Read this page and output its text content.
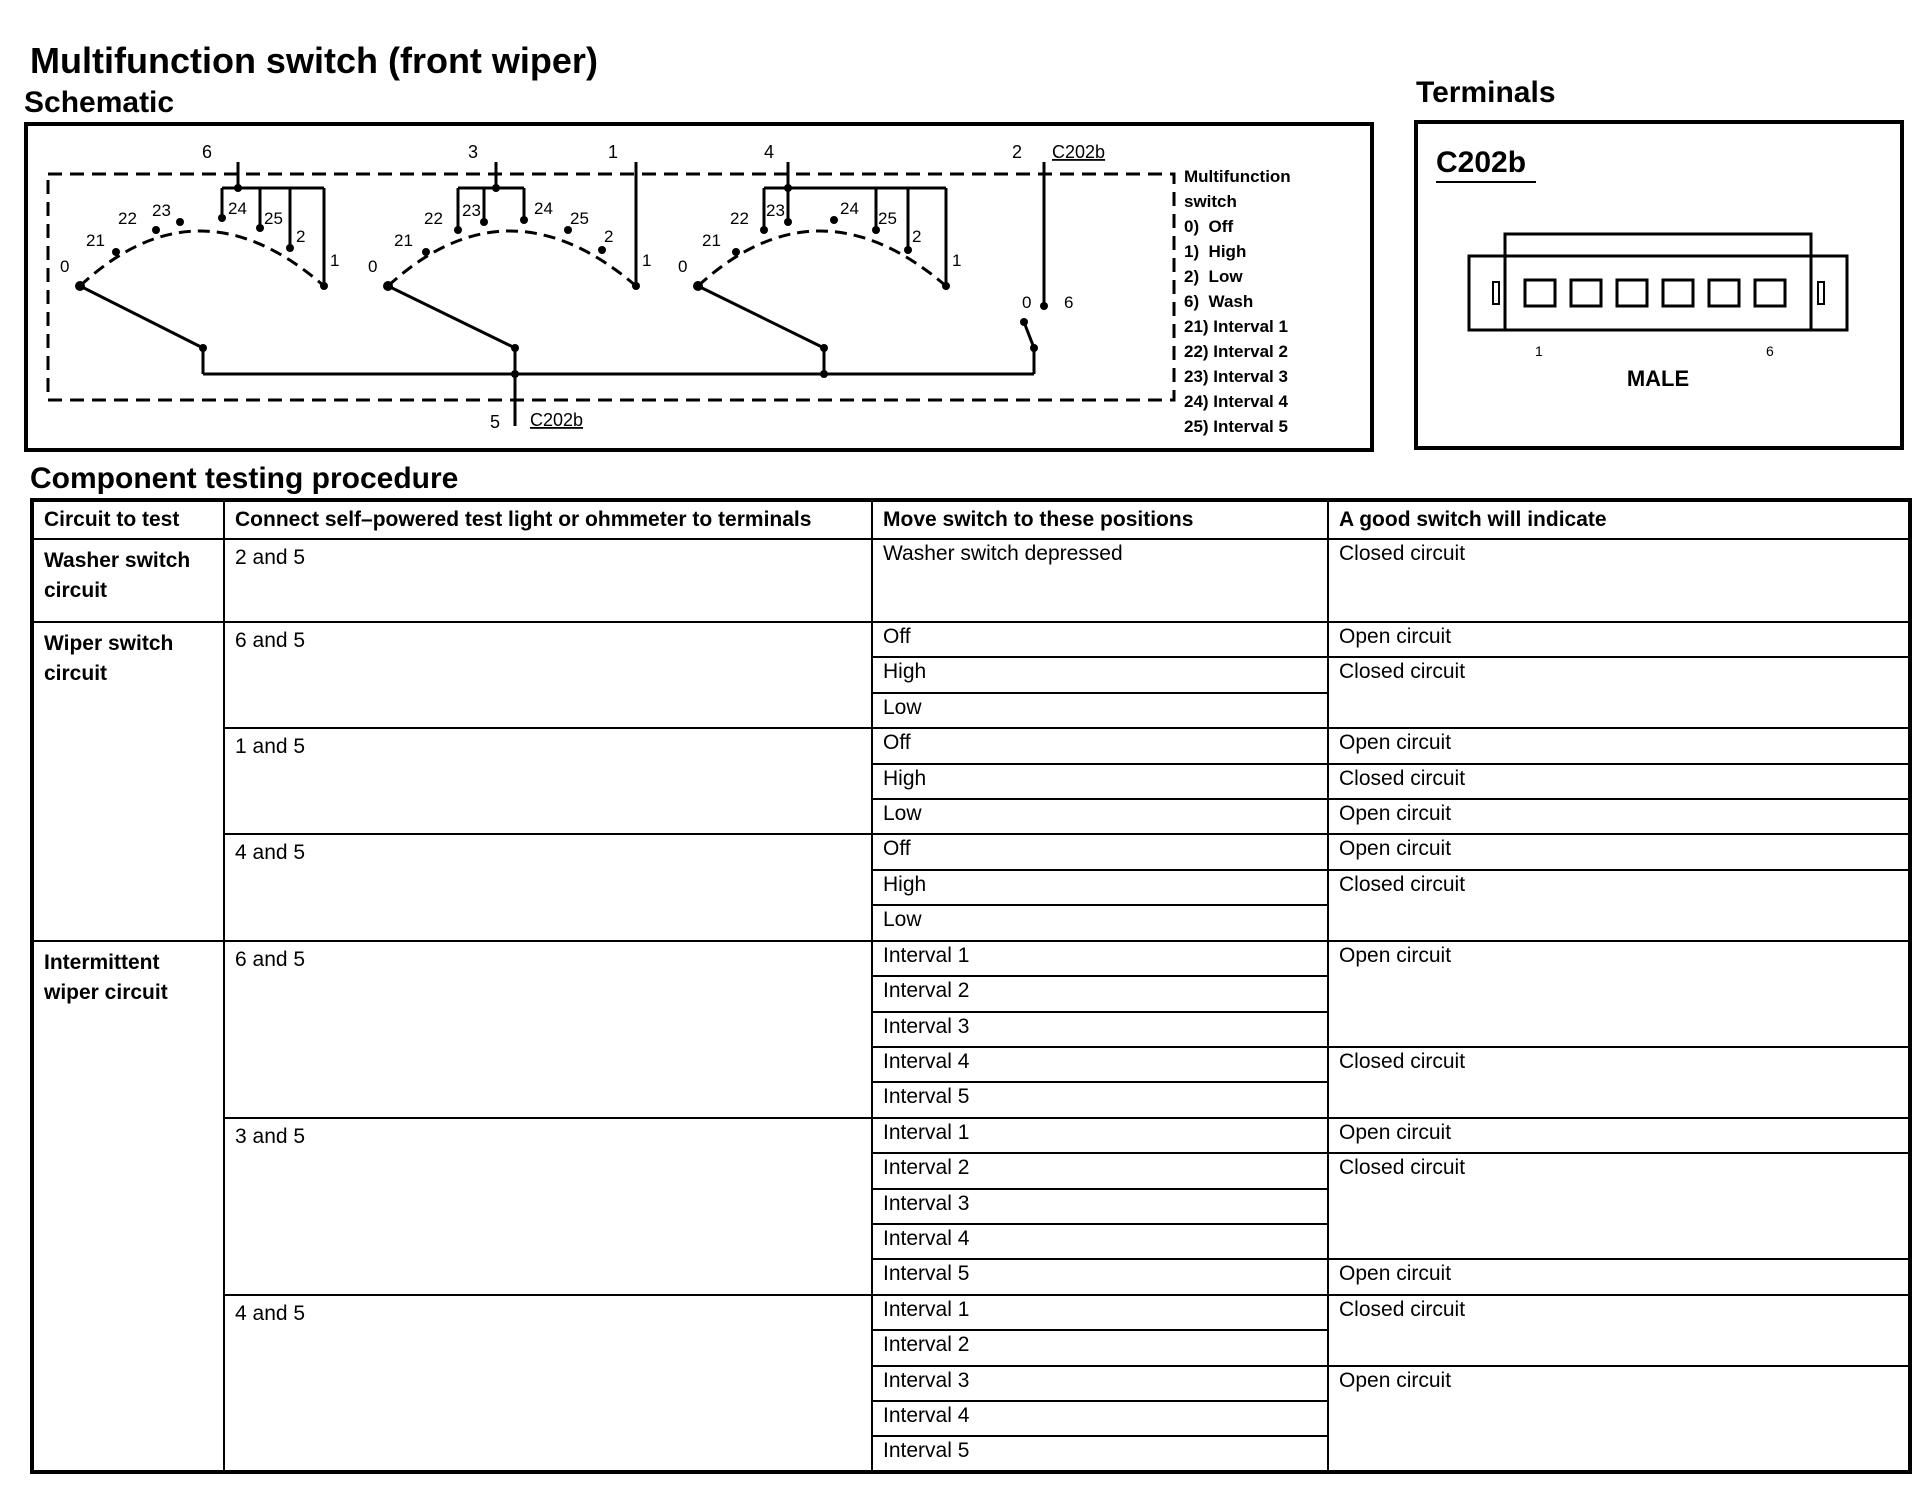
Multifunction switch (front wiper)
Schematic	Terminals
Component testing procedure
6	3	1	4	2
5
C202b
C202b
0
21
22 23	24
25
2
1 0
21
22 23	24
25
2
1 0
21
22 23	24
25
2
1
0 6
Multifunction
switch
0)  Off
1)  High
2)  Low
6)  Wash
21) Interval 1
22) Interval 2
23) Interval 3
24) Interval 4
25) Interval 5
C202b
1	6
MALE
Circuit to test	Connect self–powered test light or ohmmeter to terminals	Move switch to these positions	A good switch will indicate
Washer switch circuit	2 and 5	Washer switch depressed	Closed circuit
Wiper switch circuit	6 and 5	Off	Open circuit
		High	Closed circuit
		Low	
	1 and 5	Off	Open circuit
		High	Closed circuit
		Low	Open circuit
	4 and 5	Off	Open circuit
		High	Closed circuit
		Low	
Intermittent wiper circuit	6 and 5	Interval 1	Open circuit
		Interval 2	
		Interval 3	
		Interval 4	Closed circuit
		Interval 5	
	3 and 5	Interval 1	Open circuit
		Interval 2	Closed circuit
		Interval 3	
		Interval 4	
		Interval 5	Open circuit
	4 and 5	Interval 1	Closed circuit
		Interval 2	
		Interval 3	Open circuit
		Interval 4	
		Interval 5	
